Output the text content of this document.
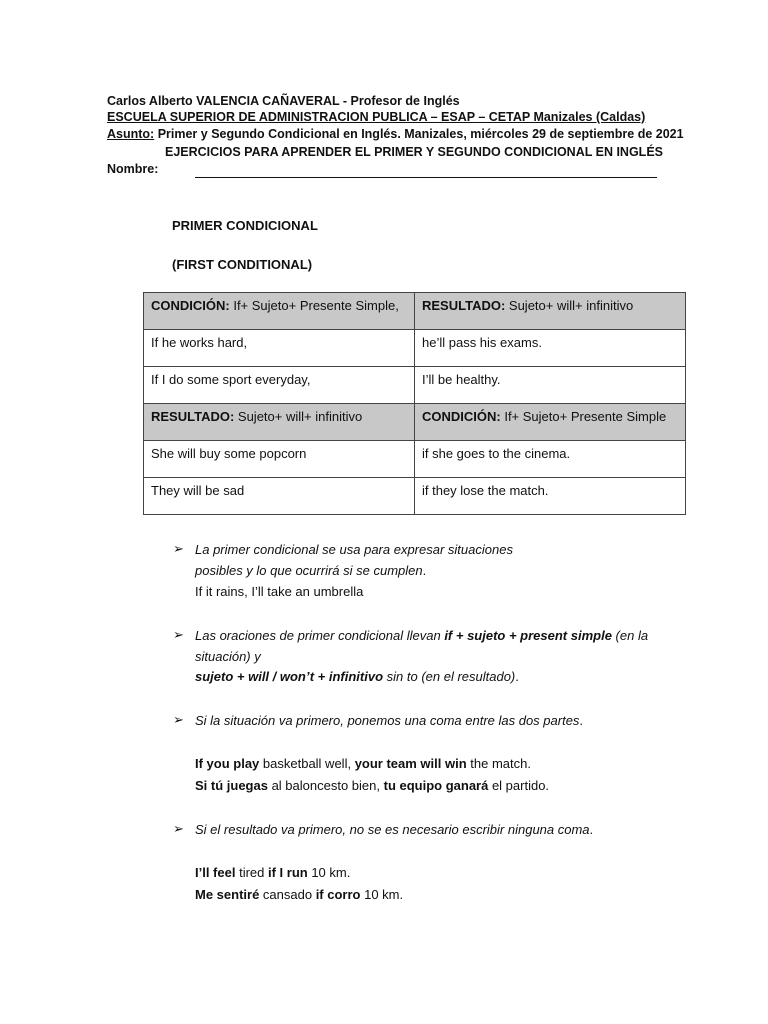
Carlos Alberto VALENCIA CAÑAVERAL - Profesor de Inglés
ESCUELA SUPERIOR DE ADMINISTRACION PUBLICA – ESAP – CETAP Manizales (Caldas)
Asunto: Primer y Segundo Condicional en Inglés. Manizales, miércoles 29 de septiembre de 2021
EJERCICIOS PARA APRENDER EL PRIMER Y SEGUNDO CONDICIONAL EN INGLÉS
Nombre:
PRIMER CONDICIONAL
(FIRST CONDITIONAL)
CONDICIÓN: If+ Sujeto+ Presente Simple,	RESULTADO: Sujeto+ will+ infinitivo
If he works hard,	he’ll pass his exams.
If I do some sport everyday,	I’ll be healthy.
RESULTADO: Sujeto+ will+ infinitivo	CONDICIÓN: If+ Sujeto+ Presente Simple
She will buy some popcorn	if she goes to the cinema.
They will be sad	if they lose the match.
➢ La primer condicional se usa para expresar situaciones
posibles y lo que ocurrirá si se cumplen.
If it rains, I’ll take an umbrella
➢ Las oraciones de primer condicional llevan if + sujeto + present simple (en la
situación) y
sujeto + will / won’t + infinitivo sin to (en el resultado).
➢ Si la situación va primero, ponemos una coma entre las dos partes.
If you play basketball well, your team will win the match.
Si tú juegas al baloncesto bien, tu equipo ganará el partido.
➢ Si el resultado va primero, no se es necesario escribir ninguna coma.
I’ll feel tired if I run 10 km.
Me sentiré cansado if corro 10 km.
